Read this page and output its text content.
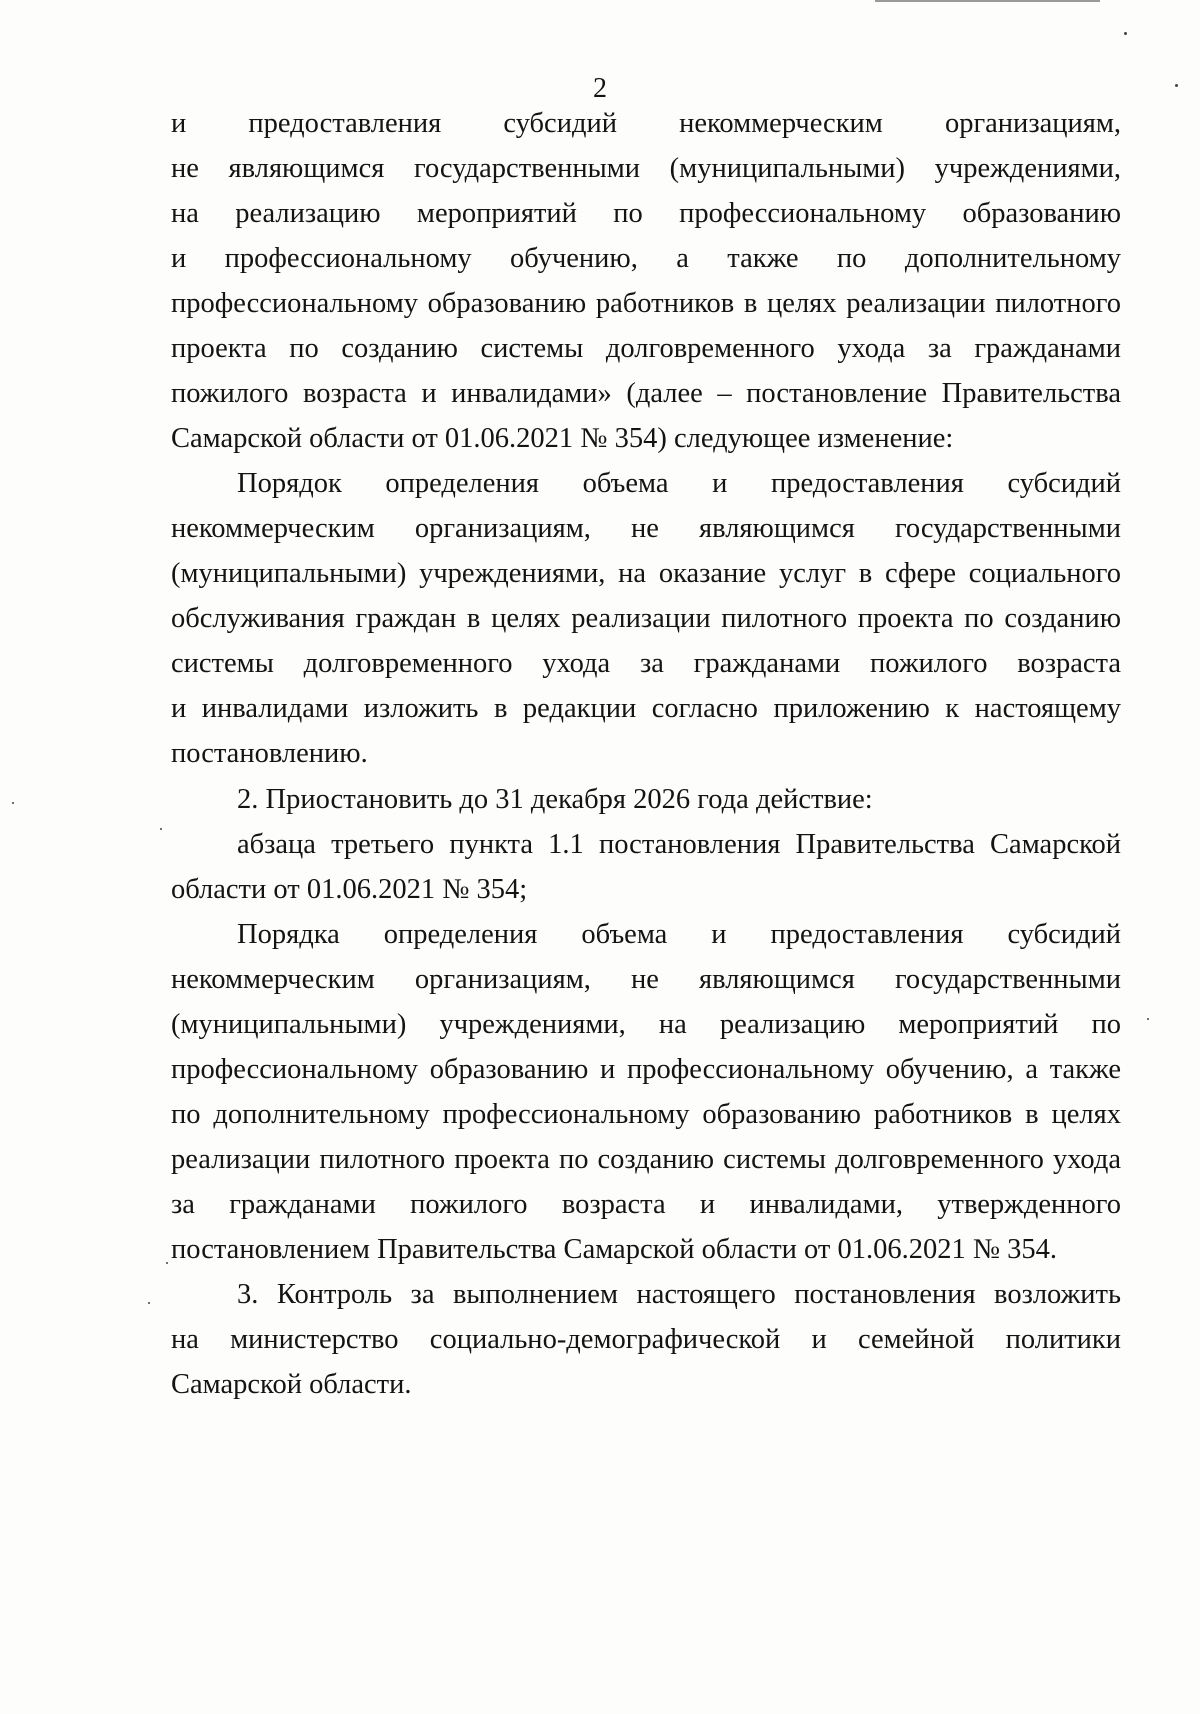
2
и предоставления субсидий некоммерческим организациям,
не являющимся государственными (муниципальными) учреждениями,
на реализацию мероприятий по профессиональному образованию
и профессиональному обучению, а также по дополнительному
профессиональному образованию работников в целях реализации пилотного
проекта по созданию системы долговременного ухода за гражданами
пожилого возраста и инвалидами» (далее – постановление Правительства
Самарской области от 01.06.2021 № 354) следующее изменение:
Порядок определения объема и предоставления субсидий
некоммерческим организациям, не являющимся государственными
(муниципальными) учреждениями, на оказание услуг в сфере социального
обслуживания граждан в целях реализации пилотного проекта по созданию
системы долговременного ухода за гражданами пожилого возраста
и инвалидами изложить в редакции согласно приложению к настоящему
постановлению.
2. Приостановить до 31 декабря 2026 года действие:
абзаца третьего пункта 1.1 постановления Правительства Самарской
области от 01.06.2021 № 354;
Порядка определения объема и предоставления субсидий
некоммерческим организациям, не являющимся государственными
(муниципальными) учреждениями, на реализацию мероприятий по
профессиональному образованию и профессиональному обучению, а также
по дополнительному профессиональному образованию работников в целях
реализации пилотного проекта по созданию системы долговременного ухода
за гражданами пожилого возраста и инвалидами, утвержденного
постановлением Правительства Самарской области от 01.06.2021 № 354.
3. Контроль за выполнением настоящего постановления возложить
на министерство социально-демографической и семейной политики
Самарской области.
